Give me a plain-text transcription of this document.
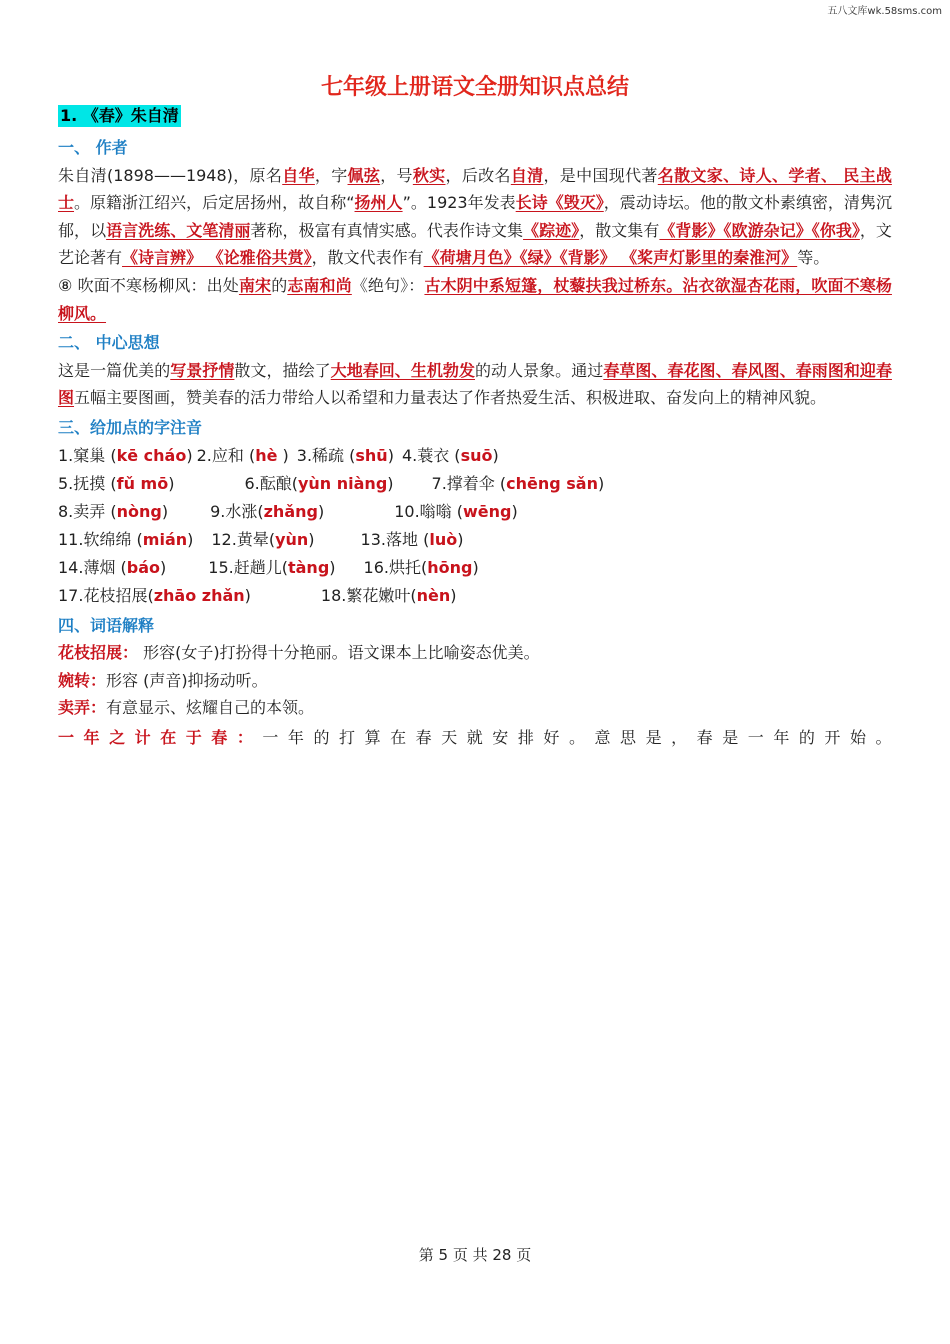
五八文库wk.58sms.com
七年级上册语文全册知识点总结
1. 《春》朱自清
一、 作者

朱自清(1898——1948)，原名自华，字佩弦，号秋实，后改名自清，是中国现代著名散文家、诗人、学者、 民主战士。原籍浙江绍兴，后定居扬州，故自称“扬州人”。1923年发表长诗《毁灭》，震动诗坛。他的散文朴素缜密，清隽沉郁，以语言洗练、文笔清丽著称，极富有真情实感。代表作诗文集《踪迹》，散文集有《背影》《欧游杂记》《你我》，文艺论著有《诗言辨》 《论雅俗共赏》，散文代表作有《荷塘月色》《绿》《背影》 《桨声灯影里的秦淮河》等。

⑧ 吹面不寒杨柳风：出处南宋的志南和尚《绝句》：古木阴中系短篷，杖藜扶我过桥东。沾衣欲湿杏花雨，吹面不寒杨柳风。

二、 中心思想

这是一篇优美的写景抒情散文，描绘了大地春回、生机勃发的动人景象。通过春草图、春花图、春风图、春雨图和迎春图五幅主要图画，赞美春的活力带给人以希望和力量表达了作者热爱生活、积极进取、奋发向上的精神风貌。

三、给加点的字注音
1.窠巢 (kē cháo) 2.应和 (hè ) 3.稀疏 (shū) 4.蓑衣 (suō)
5.抚摸 (fǔ mō)	6.酝酿(yùn niàng) 7.撑着伞 (chēng sǎn)
8.卖弄 (nòng)	9.水涨(zhǎng)	10.嗡嗡 (wēng)
11.软绵绵 (mián) 12.黄晕(yùn)	13.落地 (luò)
14.薄烟 (báo)	15.赶趟儿(tàng) 16.烘托(hōng)
17.花枝招展(zhāo zhǎn)	18.繁花嫩叶(nèn)
四、词语解释
花枝招展： 形容(女子)打扮得十分艳丽。语文课本上比喻姿态优美。
婉转：形容 (声音)抑扬动听。
卖弄：有意显示、炫耀自己的本领。
一 年 之 计 在 于 春 ： 一 年 的 打 算 在 春 天 就 安 排 好 。 意 思 是 ， 春 是 一 年 的 开 始 。
第 5 页 共 28 页
